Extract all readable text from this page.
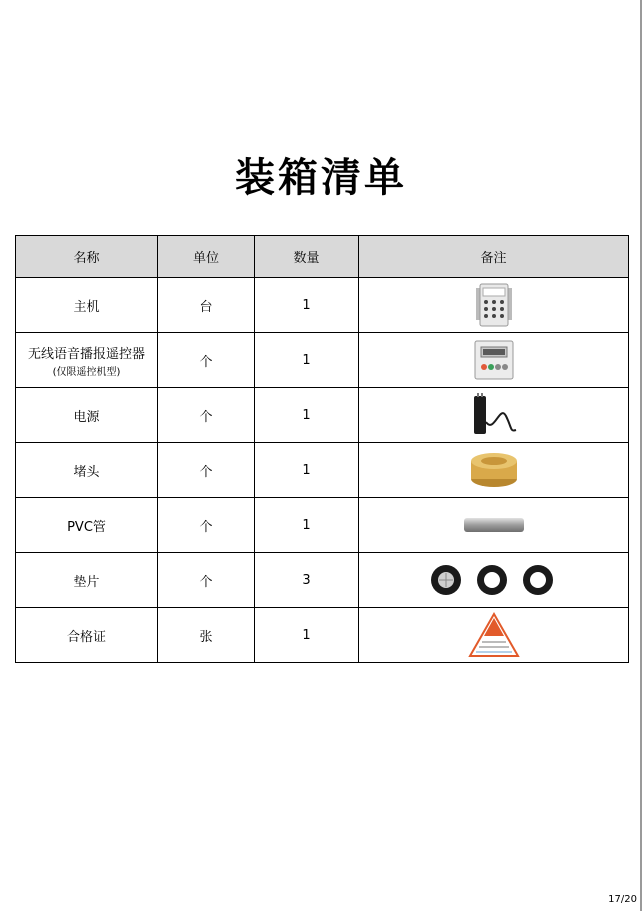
装箱清单
名称	单位	数量	备注
主机	台	1	

无线语音播报遥控器
(仅限遥控机型)	个	1	

电源	个	1	

堵头	个	1	

PVC管	个	1	

垫片	个	3	

合格证	张	1	
17/20
